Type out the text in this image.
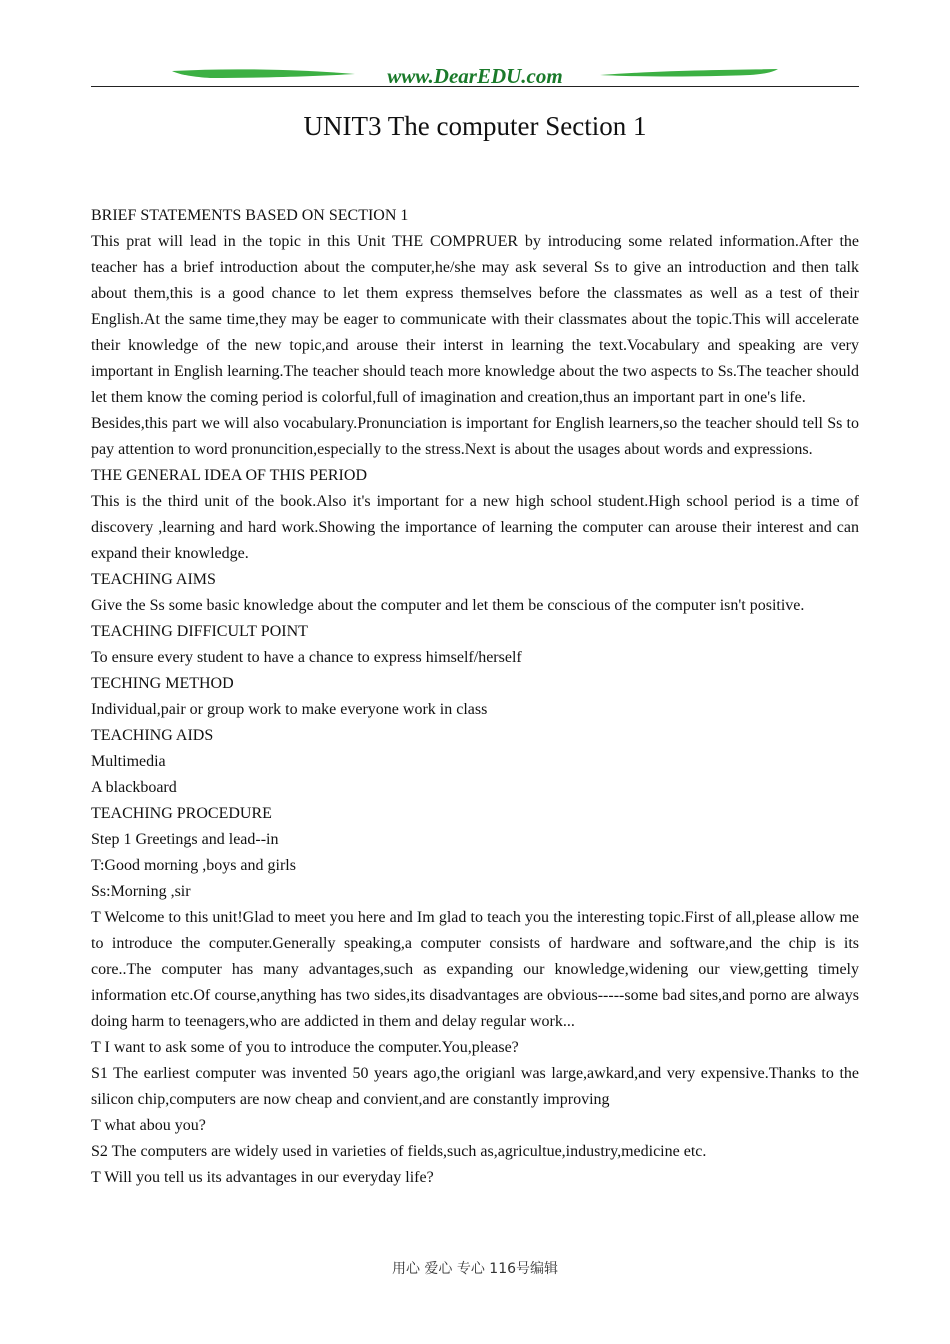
www.DearEDU.com
UNIT3 The computer Section 1

BRIEF STATEMENTS BASED ON SECTION 1

This prat will lead in the topic in this Unit THE COMPRUER by introducing some related information.After the teacher has a brief introduction about the computer,he/she may ask several Ss to give an introduction and then talk about them,this is a good chance to let them express themselves before the classmates as well as a test of their English.At the same time,they may be eager to communicate with their classmates about the topic.This will accelerate their knowledge of the new topic,and arouse their interst in learning the text.Vocabulary and speaking are very important in English learning.The teacher should teach more knowledge about the two aspects to Ss.The teacher should let them know the coming period is colorful,full of imagination and creation,thus an important part in one's life.

Besides,this part we will also vocabulary.Pronunciation is important for English learners,so the teacher should tell Ss to pay attention to word pronuncition,especially to the stress.Next is about the usages about words and expressions.

THE GENERAL IDEA OF THIS PERIOD

This is the third unit of the book.Also it's important for a new high school student.High school period is a time of discovery ,learning and hard work.Showing the importance of learning the computer can arouse their interest and can expand their knowledge.

TEACHING AIMS

Give the Ss some basic knowledge about the computer and let them be conscious of the computer isn't positive.

TEACHING DIFFICULT POINT

To ensure every student to have a chance to express himself/herself

TECHING METHOD

Individual,pair or group work to make everyone work in class

TEACHING AIDS

Multimedia

A blackboard

TEACHING PROCEDURE

Step 1 Greetings and lead--in

T:Good morning ,boys and girls

Ss:Morning ,sir

T Welcome to this unit!Glad to meet you here and Im glad to teach you the interesting topic.First of all,please allow me to introduce the computer.Generally speaking,a computer consists of hardware and software,and the chip is its core..The computer has many advantages,such as expanding our knowledge,widening our view,getting timely information etc.Of course,anything has two sides,its disadvantages are obvious-----some bad sites,and porno are always doing harm to teenagers,who are addicted in them and delay regular work...

T I want to ask some of you to introduce the computer.You,please?

S1 The earliest computer was invented 50 years ago,the origianl was large,awkard,and very expensive.Thanks to the silicon chip,computers are now cheap and convient,and are constantly improving

T what abou you?

S2 The computers are widely used in varieties of fields,such as,agricultue,industry,medicine etc.

T Will you tell us its advantages in our everyday life?

用心 爱心 专心 116号编辑
